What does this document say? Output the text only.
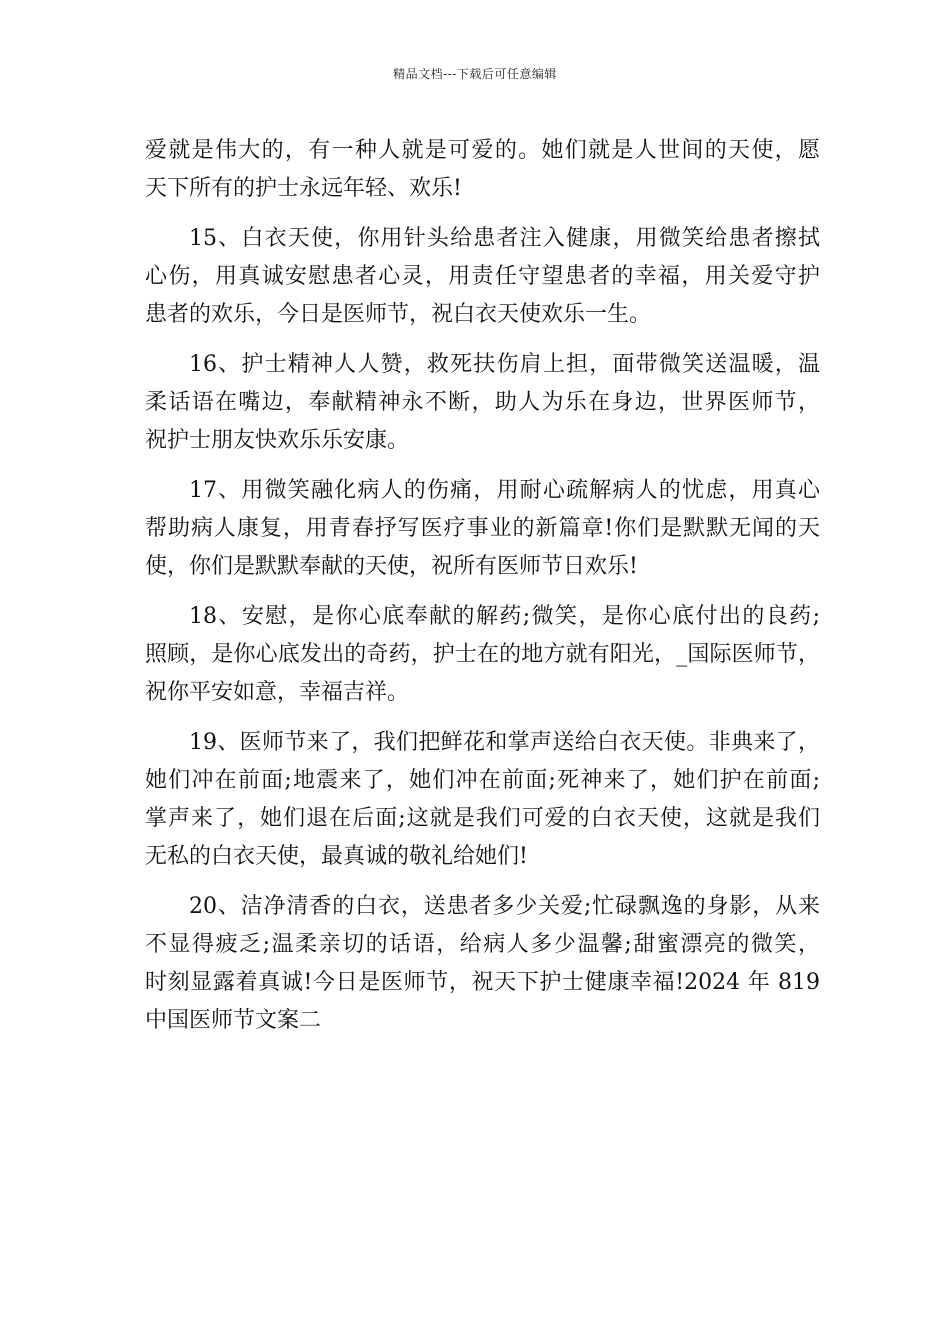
精品文档---下载后可任意编辑
爱就是伟大的，有一种人就是可爱的。她们就是人世间的天使，愿
天下所有的护士永远年轻、欢乐!
15、白衣天使，你用针头给患者注入健康，用微笑给患者擦拭
心伤，用真诚安慰患者心灵，用责任守望患者的幸福，用关爱守护
患者的欢乐，今日是医师节，祝白衣天使欢乐一生。
16、护士精神人人赞，救死扶伤肩上担，面带微笑送温暖，温
柔话语在嘴边，奉献精神永不断，助人为乐在身边，世界医师节，
祝护士朋友快欢乐乐安康。
17、用微笑融化病人的伤痛，用耐心疏解病人的忧虑，用真心
帮助病人康复，用青春抒写医疗事业的新篇章!你们是默默无闻的天
使，你们是默默奉献的天使，祝所有医师节日欢乐!
18、安慰，是你心底奉献的解药;微笑，是你心底付出的良药;
照顾，是你心底发出的奇药，护士在的地方就有阳光，_国际医师节，
祝你平安如意，幸福吉祥。
19、医师节来了，我们把鲜花和掌声送给白衣天使。非典来了，
她们冲在前面;地震来了，她们冲在前面;死神来了，她们护在前面;
掌声来了，她们退在后面;这就是我们可爱的白衣天使，这就是我们
无私的白衣天使，最真诚的敬礼给她们!
20、洁净清香的白衣，送患者多少关爱;忙碌飘逸的身影，从来
不显得疲乏;温柔亲切的话语，给病人多少温馨;甜蜜漂亮的微笑，
时刻显露着真诚!今日是医师节，祝天下护士健康幸福!2024 年 819
中国医师节文案二
